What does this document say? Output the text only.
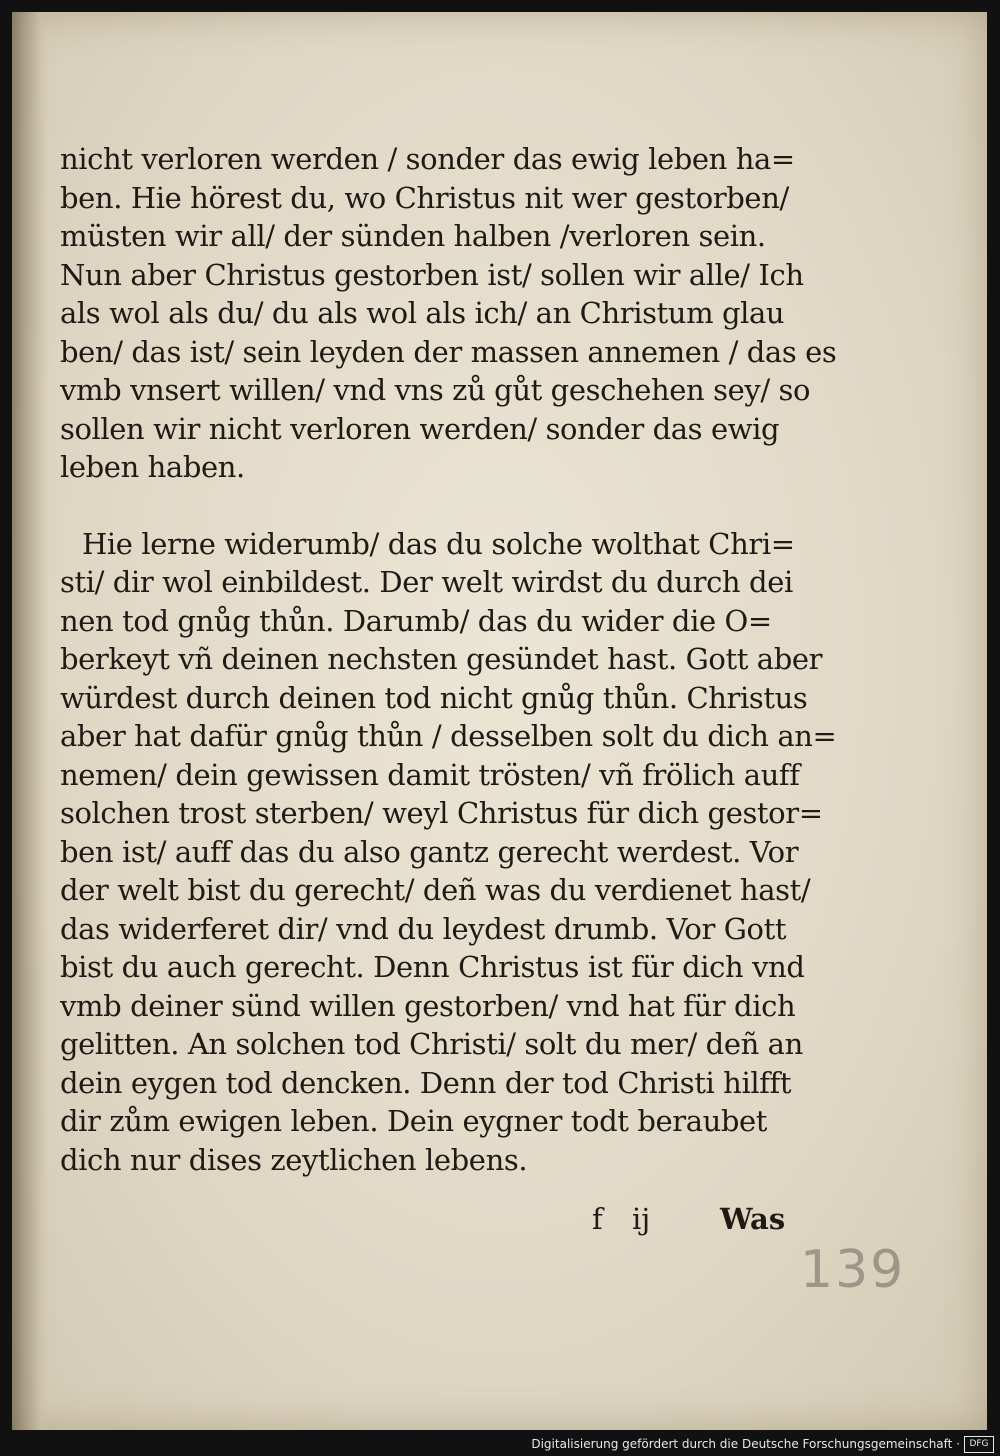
nicht verloren werden / sonder das ewig leben ha=
ben. Hie hörest du, wo Christus nit wer gestorben/
müsten wir all/ der sünden halben /verloren sein.
Nun aber Christus gestorben ist/ sollen wir alle/ Ich
als wol als du/ du als wol als ich/ an Christum glau
ben/ das ist/ sein leyden der massen annemen / das es
vmb vnsert willen/ vnd vns zů gůt geschehen sey/ so
sollen wir nicht verloren werden/ sonder das ewig
leben haben.
Hie lerne widerumb/ das du solche wolthat Chri=
sti/ dir wol einbildest. Der welt wirdst du durch dei
nen tod gnůg thůn. Darumb/ das du wider die O=
berkeyt vñ deinen nechsten gesündet hast. Gott aber
würdest durch deinen tod nicht gnůg thůn. Christus
aber hat dafür gnůg thůn / desselben solt du dich an=
nemen/ dein gewissen damit trösten/ vñ frölich auff
solchen trost sterben/ weyl Christus für dich gestor=
ben ist/ auff das du also gantz gerecht werdest. Vor
der welt bist du gerecht/ deñ was du verdienet hast/
das widerferet dir/ vnd du leydest drumb. Vor Gott
bist du auch gerecht. Denn Christus ist für dich vnd
vmb deiner sünd willen gestorben/ vnd hat für dich
gelitten. An solchen tod Christi/ solt du mer/ deñ an
dein eygen tod dencken. Denn der tod Christi hilfft
dir zům ewigen leben. Dein eygner todt beraubet
dich nur dises zeytlichen lebens.
f ij Was
139
Digitalisierung gefördert durch die Deutsche Forschungsgemeinschaft ·	DFG
